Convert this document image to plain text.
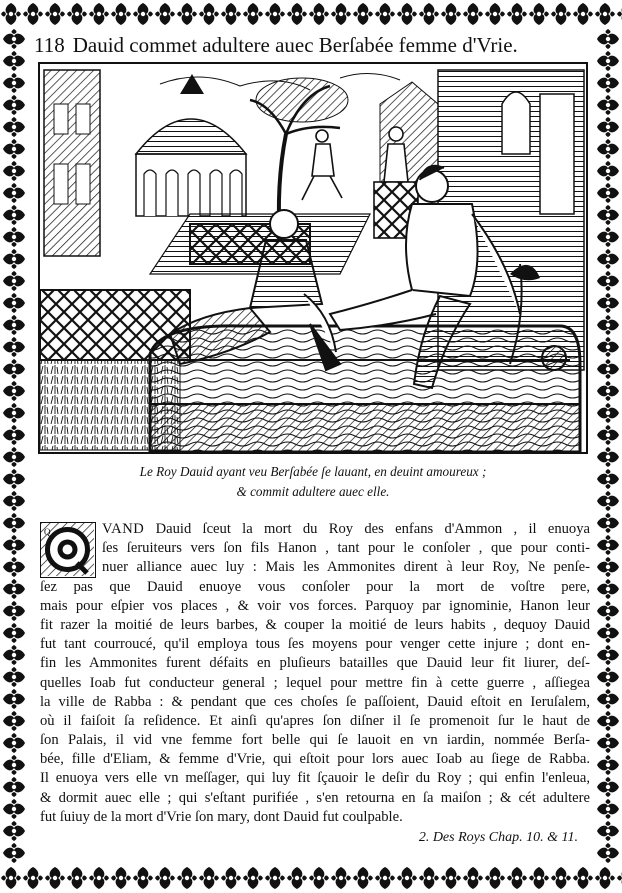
118 Dauid commet adultere auec Berſabée femme d'Vrie.
Le Roy Dauid ayant veu Berſabée ſe lauant, en deuint amoureux ;
& commit adultere auec elle.
Q	VAND Dauid ſceut la mort du Roy des enfans d'Ammon , il enuoya
ſes ſeruiteurs vers ſon fils Hanon , tant pour le conſoler , que pour conti-
nuer alliance auec luy : Mais les Ammonites dirent à leur Roy, Ne penſe-
ſez pas que Dauid enuoye vous conſoler pour la mort de voſtre pere,
mais pour eſpier vos places , & voir vos forces. Parquoy par ignominie, Hanon leur
fit razer la moitié de leurs barbes, & couper la moitié de leurs habits , dequoy Dauid
fut tant courroucé, qu'il employa tous ſes moyens pour venger cette injure ; dont en-
fin les Ammonites furent défaits en pluſieurs batailles que Dauid leur fit liurer, deſ-
quelles Ioab fut conducteur general ; lequel pour mettre fin à cette guerre , aſſiegea
la ville de Rabba : & pendant que ces choſes ſe paſſoient, Dauid eſtoit en Ieruſalem,
où il faiſoit ſa reſidence. Et ainſi qu'apres ſon diſner il ſe promenoit ſur le haut de
ſon Palais, il vid vne femme fort belle qui ſe lauoit en vn iardin, nommée Berſa-
bée, fille d'Eliam, & femme d'Vrie, qui eſtoit pour lors auec Ioab au ſiege de Rabba.
Il enuoya vers elle vn meſſager, qui luy fit ſçauoir le deſir du Roy ; qui enfin l'enleua,
& dormit auec elle ; qui s'eſtant purifiée , s'en retourna en ſa maiſon ; & cét adultere
fut ſuiuy de la mort d'Vrie ſon mary, dont Dauid fut coulpable.
2. Des Roys Chap. 10. & 11.
